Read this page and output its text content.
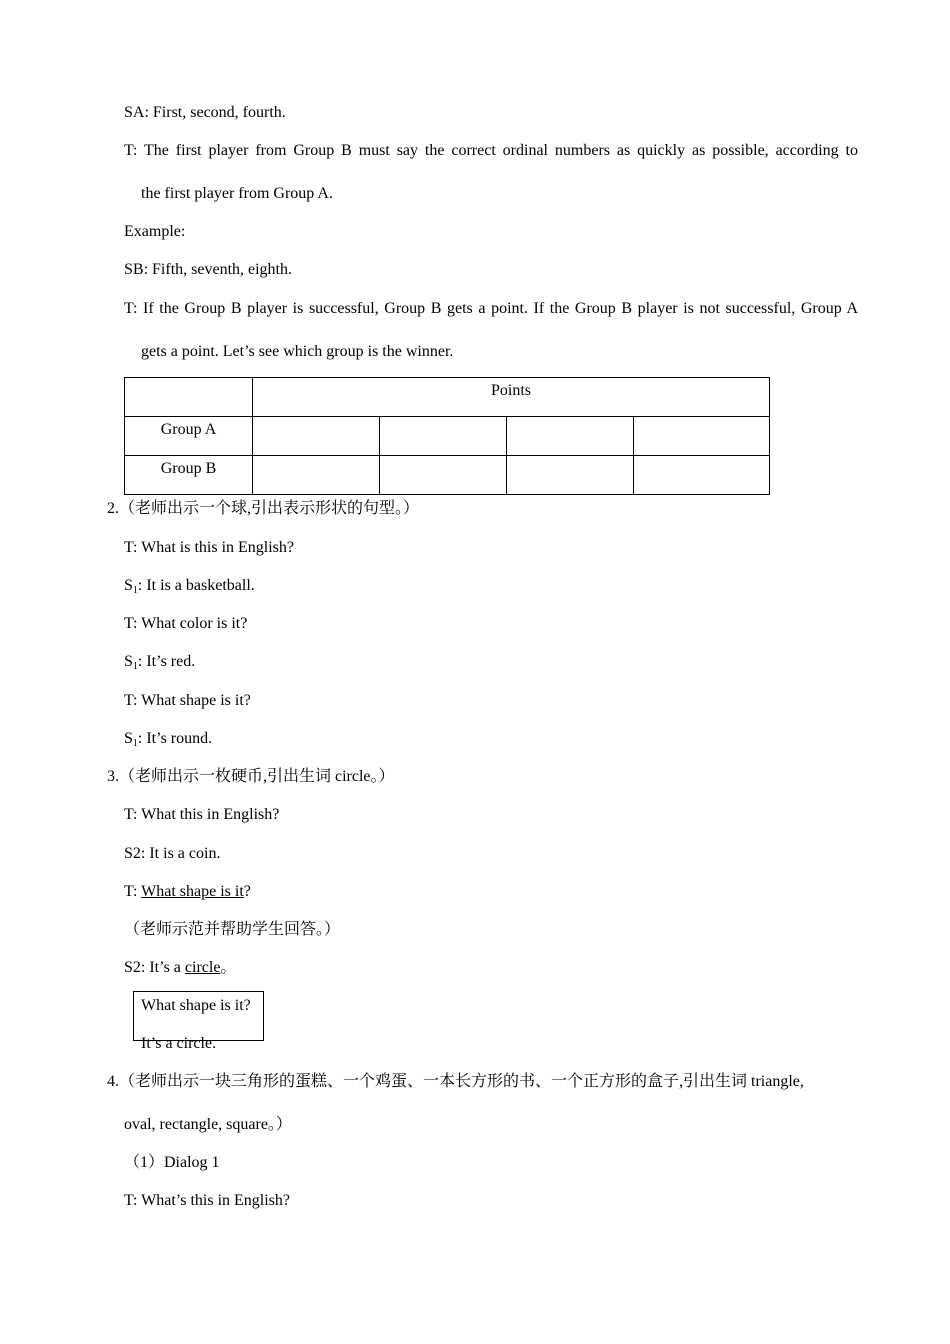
SA: First, second, fourth.
T: The first player from Group B must say the correct ordinal numbers as quickly as possible, according to
the first player from Group A.
Example:
SB: Fifth, seventh, eighth.
T: If the Group B player is successful, Group B gets a point. If the Group B player is not successful, Group A
gets a point. Let’s see which group is the winner.
	Points			
Group A				
Group B				
2.（老师出示一个球,引出表示形状的句型。）
T: What is this in English?
$S_1$: It is a basketball.
T: What color is it?
$S_1$: It’s red.
T: What shape is it?
$S_1$: It’s round.
3.（老师出示一枚硬币,引出生词 circle。）
T: What this in English?
S2: It is a coin.
T: What shape is it?
（老师示范并帮助学生回答。）
S2: It’s a circle。
What shape is it?
It’s a circle.
4.（老师出示一块三角形的蛋糕、一个鸡蛋、一本长方形的书、一个正方形的盒子,引出生词 triangle,
oval, rectangle, square。）
（1）Dialog 1
T: What’s this in English?
